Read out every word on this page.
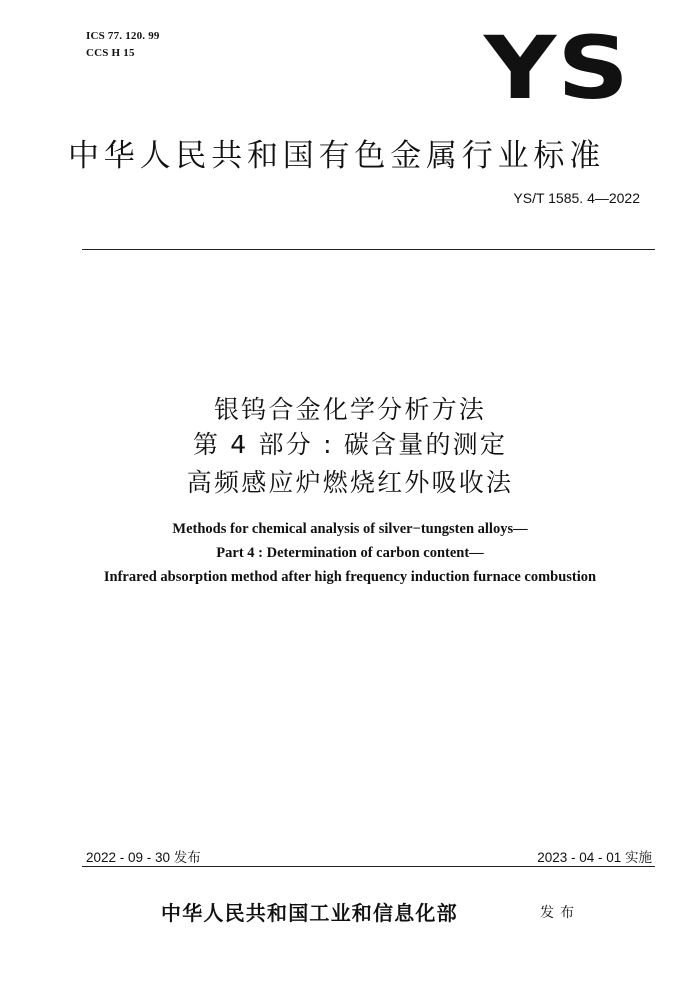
ICS 77. 120. 99
CCS H 15	YS
中华人民共和国有色金属行业标准
YS/T 1585. 4—2022
银钨合金化学分析方法
第 4 部分 : 碳含量的测定
高频感应炉燃烧红外吸收法
Methods for chemical analysis of silver−tungsten alloys—
Part 4 : Determination of carbon content—
Infrared absorption method after high frequency induction furnace combustion
2022 - 09 - 30 发布	2023 - 04 - 01 实施
中华人民共和国工业和信息化部	发布
